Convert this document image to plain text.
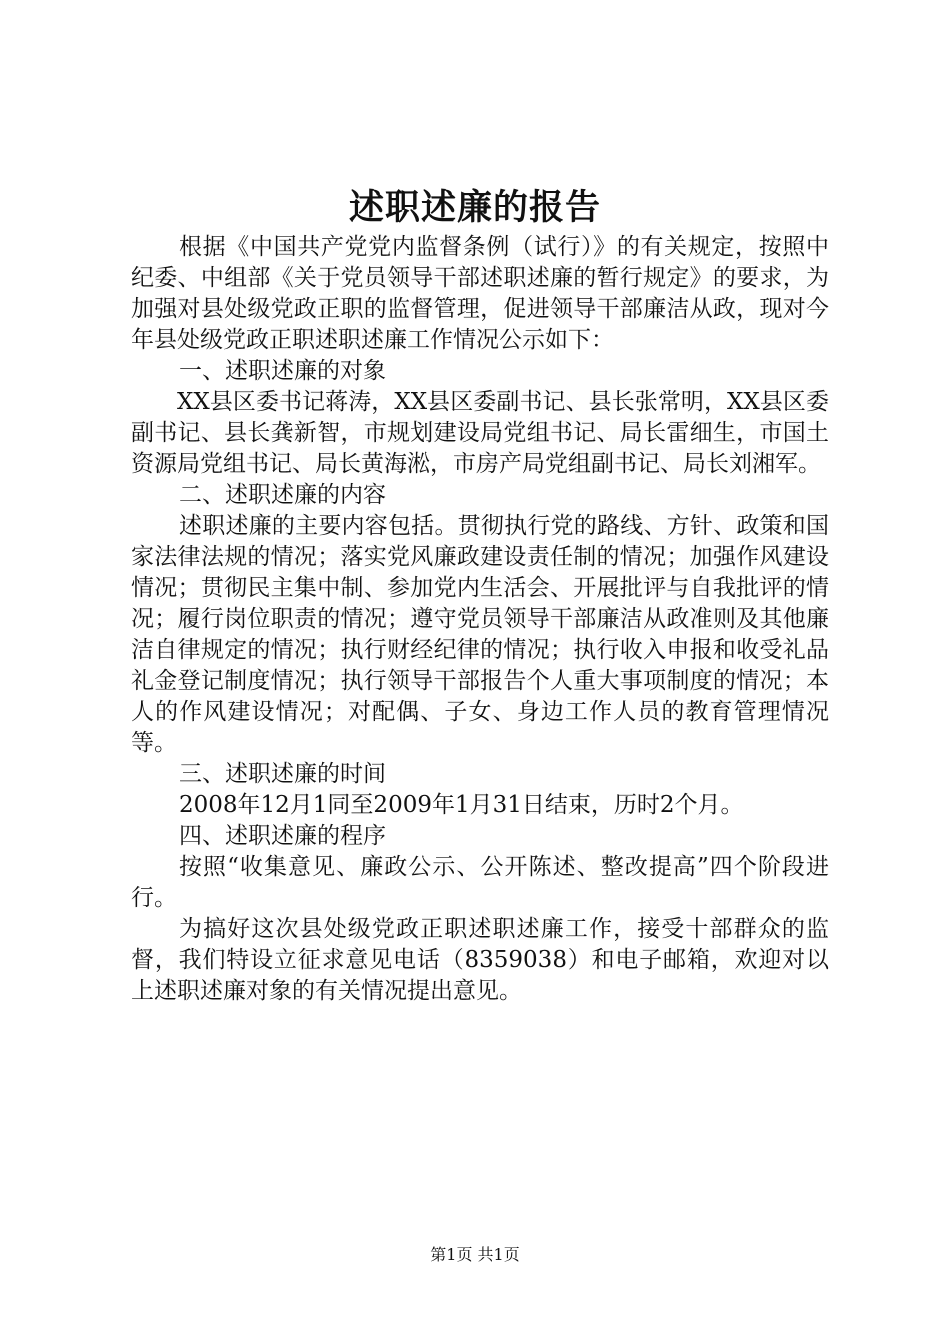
述职述廉的报告

根据《中国共产党党内监督条例（试行）》的有关规定，按照中纪委、中组部《关于党员领导干部述职述廉的暂行规定》的要求，为加强对县处级党政正职的监督管理，促进领导干部廉洁从政，现对今年县处级党政正职述职述廉工作情况公示如下：

一、述职述廉的对象

XX县区委书记蒋涛，XX县区委副书记、县长张常明，XX县区委副书记、县长龚新智，市规划建设局党组书记、局长雷细生，市国土资源局党组书记、局长黄海淞，市房产局党组副书记、局长刘湘军。

二、述职述廉的内容

述职述廉的主要内容包括。贯彻执行党的路线、方针、政策和国家法律法规的情况；落实党风廉政建设责任制的情况；加强作风建设情况；贯彻民主集中制、参加党内生活会、开展批评与自我批评的情况；履行岗位职责的情况；遵守党员领导干部廉洁从政准则及其他廉洁自律规定的情况；执行财经纪律的情况；执行收入申报和收受礼品礼金登记制度情况；执行领导干部报告个人重大事项制度的情况；本人的作风建设情况；对配偶、子女、身边工作人员的教育管理情况等。

三、述职述廉的时间

2008年12月1同至2009年1月31日结束，历时2个月。

四、述职述廉的程序

按照“收集意见、廉政公示、公开陈述、整改提高”四个阶段进行。

为搞好这次县处级党政正职述职述廉工作，接受十部群众的监督，我们特设立征求意见电话（8359038）和电子邮箱，欢迎对以上述职述廉对象的有关情况提出意见。

第1页 共1页
